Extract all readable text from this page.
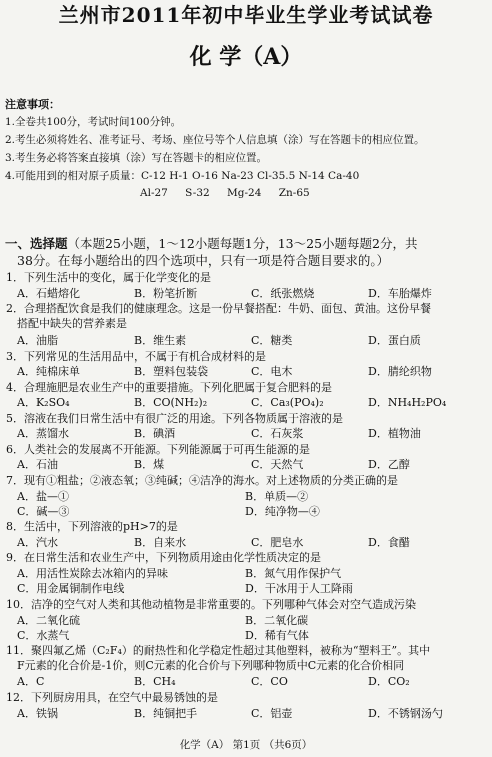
兰州市2011年初中毕业生学业考试试卷
化 学（A）
注意事项：
1.全卷共100分，考试时间100分钟。
2.考生必须将姓名、准考证号、考场、座位号等个人信息填（涂）写在答题卡的相应位置。
3.考生务必将答案直接填（涂）写在答题卡的相应位置。
4.可能用到的相对原子质量：C-12 H-1 O-16 Na-23 Cl-35.5 N-14 Ca-40
Al-27 S-32 Mg-24 Zn-65
一、选择题（本题25小题，1～12小题每题1分，13～25小题每题2分，共
38分。在每小题给出的四个选项中，只有一项是符合题目要求的。）
1．下列生活中的变化，属于化学变化的是
A．石蜡熔化	B．粉笔折断	C．纸张燃烧	D．车胎爆炸
2．合理搭配饮食是我们的健康理念。这是一份早餐搭配：牛奶、面包、黄油。这份早餐
搭配中缺失的营养素是
A．油脂	B．维生素	C．糖类	D．蛋白质
3．下列常见的生活用品中，不属于有机合成材料的是
A．纯棉床单	B．塑料包装袋	C．电木	D．腈纶织物
4．合理施肥是农业生产中的重要措施。下列化肥属于复合肥料的是
A．K₂SO₄	B．CO(NH₂)₂	C．Ca₃(PO₄)₂	D．NH₄H₂PO₄
5．溶液在我们日常生活中有很广泛的用途。下列各物质属于溶液的是
A．蒸馏水	B．碘酒	C．石灰浆	D．植物油
6．人类社会的发展离不开能源。下列能源属于可再生能源的是
A．石油	B．煤	C．天然气	D．乙醇
7．现有①粗盐；②液态氧；③纯碱；④洁净的海水。对上述物质的分类正确的是
A．盐—①	B．单质—②
C．碱—③	D．纯净物—④
8．生活中，下列溶液的pH>7的是
A．汽水	B．自来水	C．肥皂水	D．食醋
9．在日常生活和农业生产中，下列物质用途由化学性质决定的是
A．用活性炭除去冰箱内的异味	B．氮气用作保护气
C．用金属铜制作电线	D．干冰用于人工降雨
10．洁净的空气对人类和其他动植物是非常重要的。下列哪种气体会对空气造成污染
A．二氧化硫	B．二氧化碳
C．水蒸气	D．稀有气体
11．聚四氟乙烯（C₂F₄）的耐热性和化学稳定性超过其他塑料，被称为“塑料王”。其中
F元素的化合价是-1价，则C元素的化合价与下列哪种物质中C元素的化合价相同
A．C	B．CH₄	C．CO	D．CO₂
12．下列厨房用具，在空气中最易锈蚀的是
A．铁锅	B．纯铜把手	C．铝壶	D．不锈钢汤勺
化学（A） 第1页 （共6页）
